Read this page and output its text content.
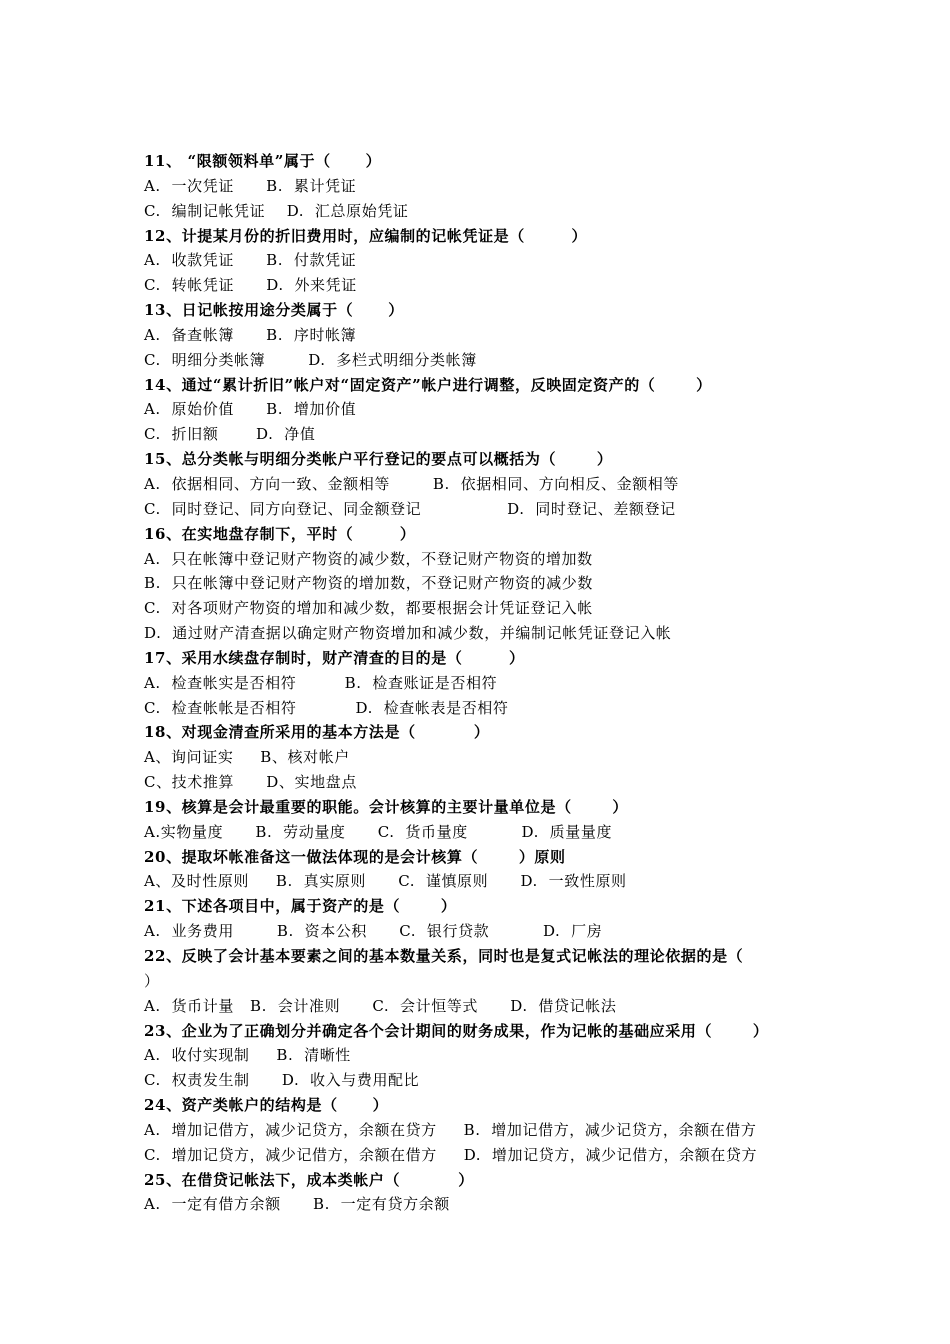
11、 “限额领料单”属于（      ）
A.  一次凭证      B.  累计凭证
C.  编制记帐凭证    D.  汇总原始凭证
12、计提某月份的折旧费用时，应编制的记帐凭证是（        ）
A.  收款凭证      B.  付款凭证
C.  转帐凭证      D.  外来凭证
13、日记帐按用途分类属于（      ）
A.  备查帐簿      B.  序时帐簿
C.  明细分类帐簿        D.  多栏式明细分类帐簿
14、通过“累计折旧”帐户对“固定资产”帐户进行调整，反映固定资产的（       ）
A.  原始价值      B.  增加价值
C.  折旧额       D.  净值
15、总分类帐与明细分类帐户平行登记的要点可以概括为（       ）
A.  依据相同、方向一致、金额相等        B.  依据相同、方向相反、金额相等
C.  同时登记、同方向登记、同金额登记                D.  同时登记、差额登记
16、在实地盘存制下，平时（        ）
A.  只在帐簿中登记财产物资的减少数，不登记财产物资的增加数
B.  只在帐簿中登记财产物资的增加数，不登记财产物资的减少数
C.  对各项财产物资的增加和减少数，都要根据会计凭证登记入帐
D.  通过财产清查据以确定财产物资增加和减少数，并编制记帐凭证登记入帐
17、采用水续盘存制时，财产清查的目的是（        ）
A.  检查帐实是否相符         B.  检查账证是否相符
C.  检查帐帐是否相符           D.  检查帐表是否相符
18、对现金清查所采用的基本方法是（          ）
A、询问证实     B、核对帐户
C、技术推算      D、实地盘点
19、核算是会计最重要的职能。会计核算的主要计量单位是（       ）
A.实物量度      B.  劳动量度      C.  货币量度          D.  质量量度
20、提取坏帐准备这一做法体现的是会计核算（       ）原则
A、及时性原则     B.  真实原则      C.  谨慎原则      D.  一致性原则
21、下述各项目中，属于资产的是（       ）
A.  业务费用        B.  资本公积      C.  银行贷款          D.  厂房
22、反映了会计基本要素之间的基本数量关系，同时也是复式记帐法的理论依据的是（
）
A.  货币计量   B.  会计准则      C.  会计恒等式      D.  借贷记帐法
23、企业为了正确划分并确定各个会计期间的财务成果，作为记帐的基础应采用（       ）
A.  收付实现制     B.  清晰性
C.  权责发生制      D.  收入与费用配比
24、资产类帐户的结构是（      ）
A.  增加记借方，减少记贷方，余额在贷方     B.  增加记借方，减少记贷方，余额在借方
C.  增加记贷方，减少记借方，余额在借方     D.  增加记贷方，减少记借方，余额在贷方
25、在借贷记帐法下，成本类帐户（          ）
A.  一定有借方余额      B.  一定有贷方余额
